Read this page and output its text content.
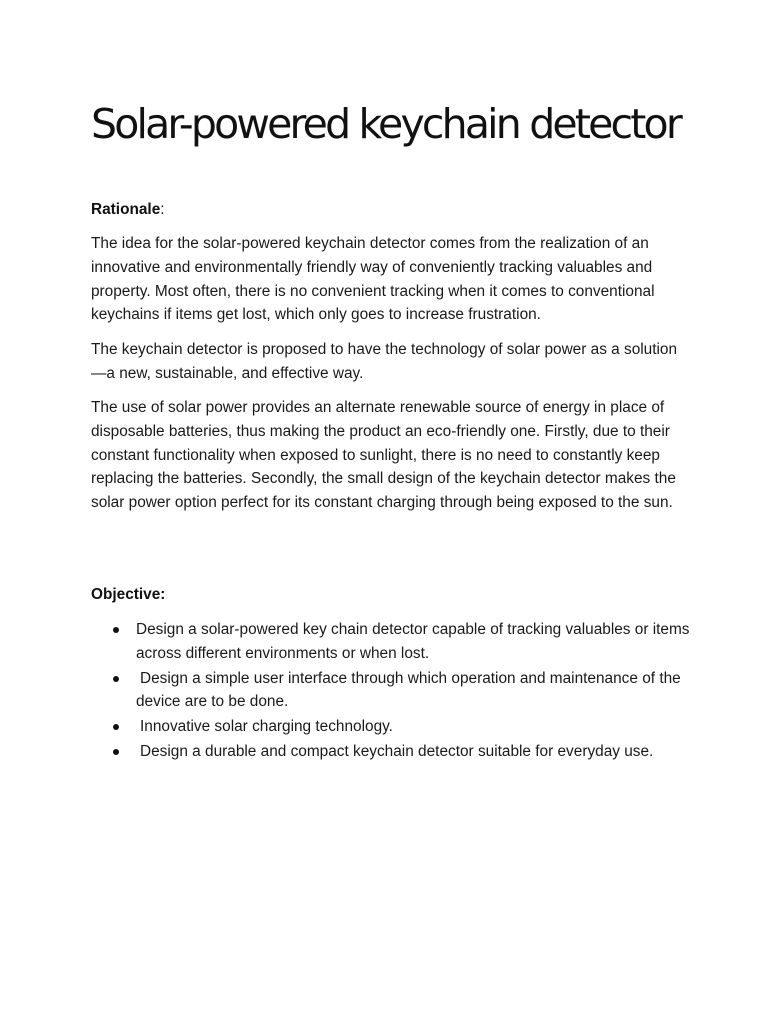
Solar-powered keychain detector

Rationale:

The idea for the solar-powered keychain detector comes from the realization of an innovative and environmentally friendly way of conveniently tracking valuables and property. Most often, there is no convenient tracking when it comes to conventional keychains if items get lost, which only goes to increase frustration.

The keychain detector is proposed to have the technology of solar power as a solution—a new, sustainable, and effective way.

The use of solar power provides an alternate renewable source of energy in place of disposable batteries, thus making the product an eco-friendly one. Firstly, due to their constant functionality when exposed to sunlight, there is no need to constantly keep replacing the batteries. Secondly, the small design of the keychain detector makes the solar power option perfect for its constant charging through being exposed to the sun.

Objective:

Design a solar-powered key chain detector capable of tracking valuables or items across different environments or when lost.
Design a simple user interface through which operation and maintenance of the device are to be done.
Innovative solar charging technology.
Design a durable and compact keychain detector suitable for everyday use.
